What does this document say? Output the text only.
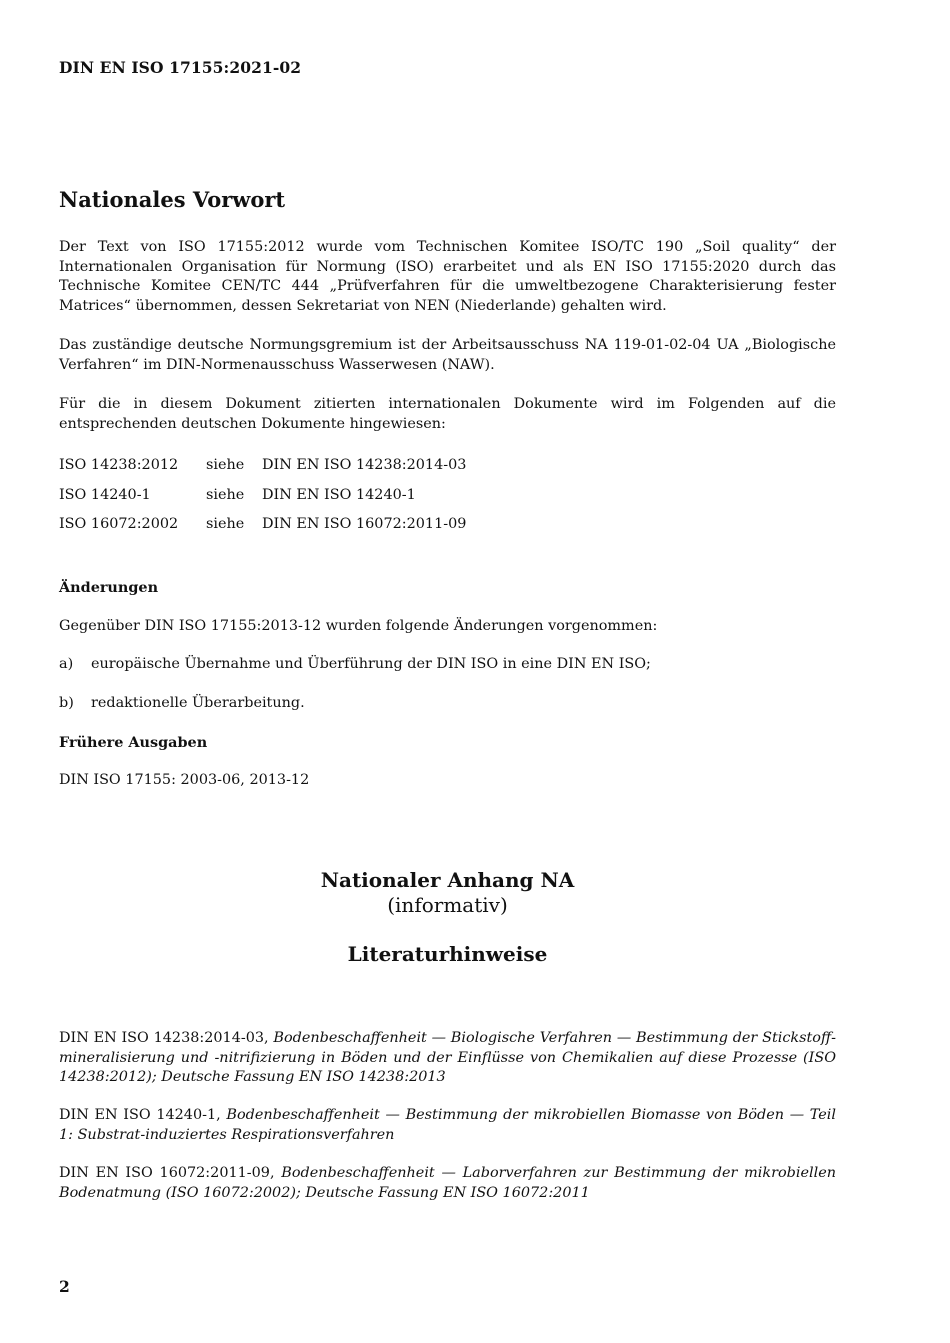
DIN EN ISO 17155:2021-02
Nationales Vorwort
Der Text von ISO 17155:2012 wurde vom Technischen Komitee ISO/TC 190 „Soil quality“ der Internationalen Organisation für Normung (ISO) erarbeitet und als EN ISO 17155:2020 durch das Technische Komitee CEN/TC 444 „Prüfverfahren für die umweltbezogene Charakterisierung fester Matrices“ übernommen, dessen Sekretariat von NEN (Niederlande) gehalten wird.
Das zuständige deutsche Normungsgremium ist der Arbeitsausschuss NA 119-01-02-04 UA „Biologische Verfahren“ im DIN-Normenausschuss Wasserwesen (NAW).
Für die in diesem Dokument zitierten internationalen Dokumente wird im Folgenden auf die entsprechenden deutschen Dokumente hingewiesen:
ISO 14238:2012	siehe	DIN EN ISO 14238:2014-03
ISO 14240-1	siehe	DIN EN ISO 14240-1
ISO 16072:2002	siehe	DIN EN ISO 16072:2011-09
Änderungen
Gegenüber DIN ISO 17155:2013-12 wurden folgende Änderungen vorgenommen:
a) europäische Übernahme und Überführung der DIN ISO in eine DIN EN ISO;
b) redaktionelle Überarbeitung.
Frühere Ausgaben
DIN ISO 17155: 2003-06, 2013-12
Nationaler Anhang NA
(informativ)
Literaturhinweise
DIN EN ISO 14238:2014-03, Bodenbeschaffenheit — Biologische Verfahren — Bestimmung der Stickstoff-mineralisierung und -nitrifizierung in Böden und der Einflüsse von Chemikalien auf diese Prozesse (ISO 14238:2012); Deutsche Fassung EN ISO 14238:2013
DIN EN ISO 14240-1, Bodenbeschaffenheit — Bestimmung der mikrobiellen Biomasse von Böden — Teil 1: Substrat-induziertes Respirationsverfahren
DIN EN ISO 16072:2011-09, Bodenbeschaffenheit — Laborverfahren zur Bestimmung der mikrobiellen Bodenatmung (ISO 16072:2002); Deutsche Fassung EN ISO 16072:2011
2
